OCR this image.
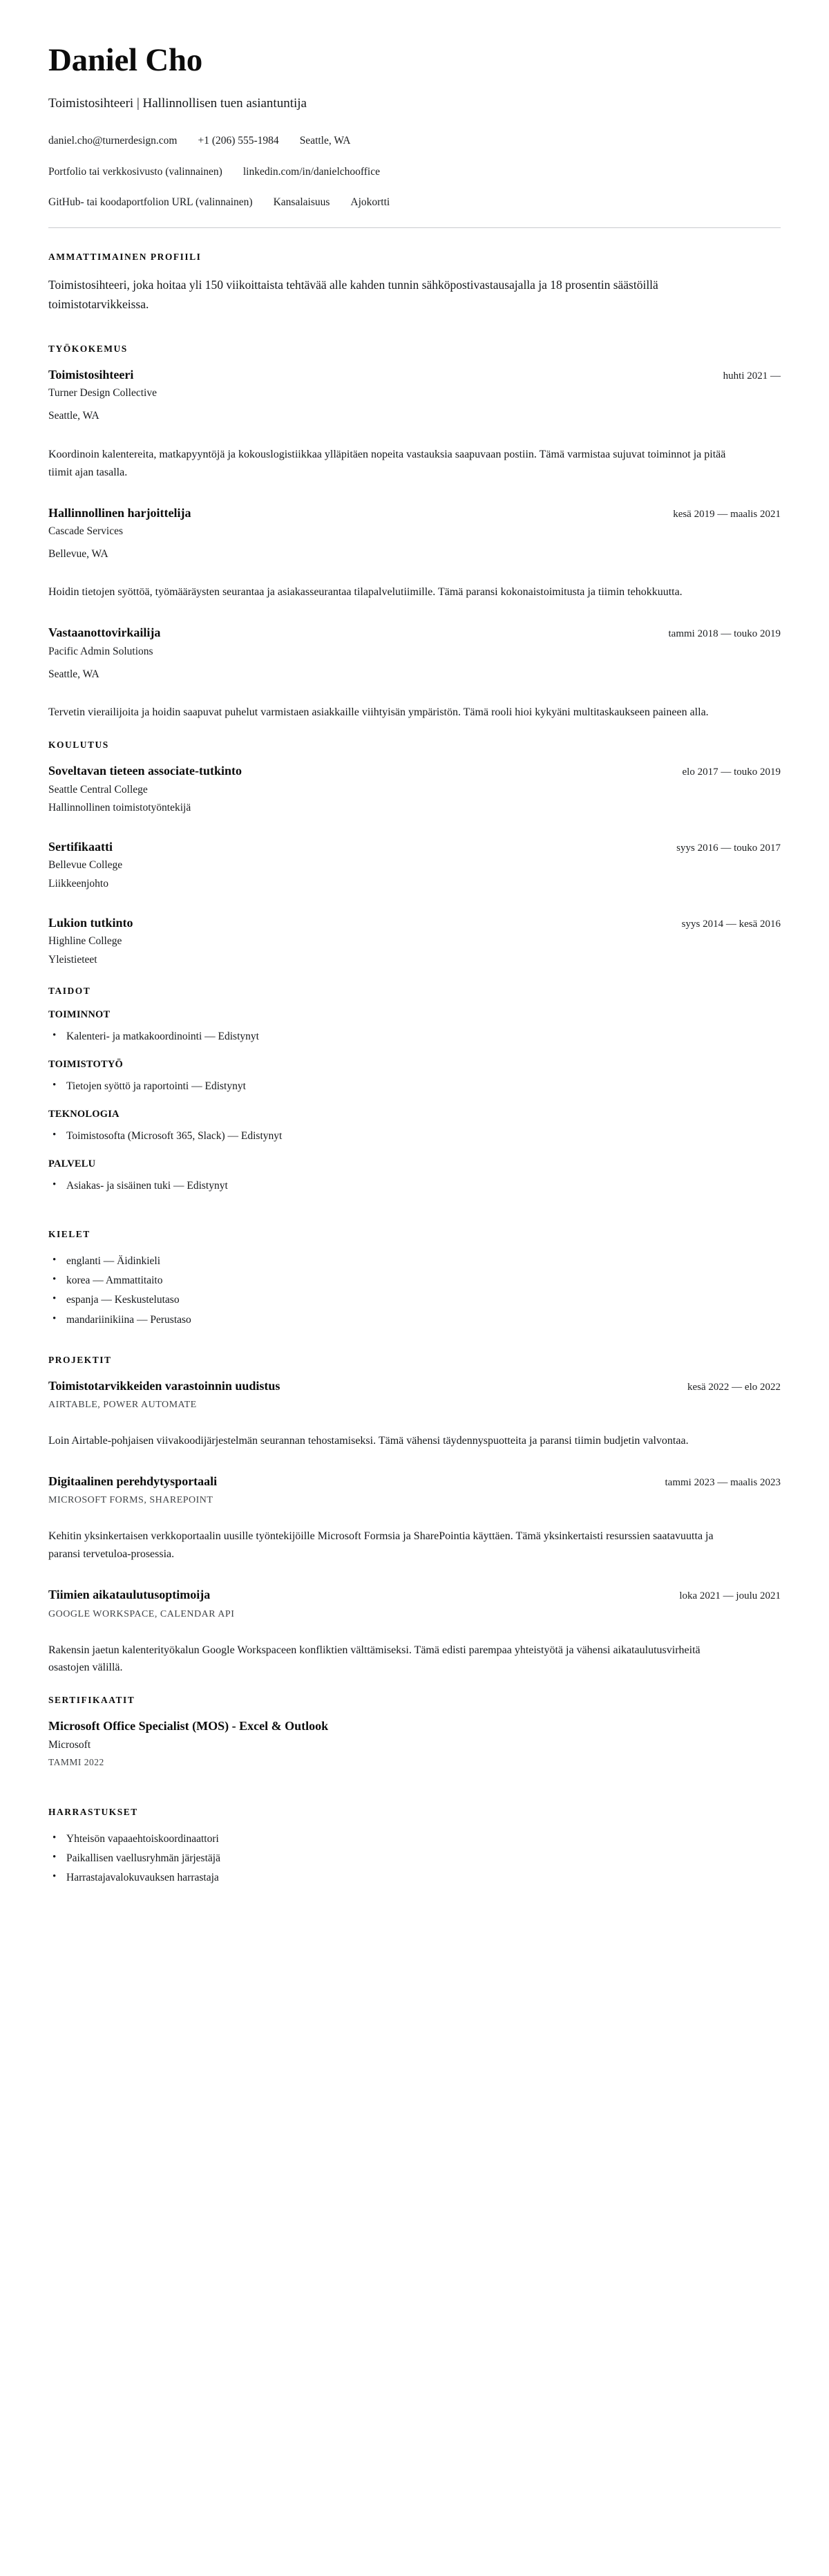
Daniel Cho
Toimistosihteeri | Hallinnollisen tuen asiantuntija
daniel.cho@turnerdesign.com +1 (206) 555-1984 Seattle, WA
Portfolio tai verkkosivusto (valinnainen) linkedin.com/in/danielchooffice
GitHub- tai koodaportfolion URL (valinnainen) Kansalaisuus Ajokortti
AMMATTIMAINEN PROFIILI

Toimistosihteeri, joka hoitaa yli 150 viikoittaista tehtävää alle kahden tunnin sähköpostivastausajalla ja 18 prosentin säästöillä toimistotarvikkeissa.

TYÖKOKEMUS
Toimistosihteeri	huhti 2021 —
Turner Design Collective
Seattle, WA
Koordinoin kalentereita, matkapyyntöjä ja kokouslogistiikkaa ylläpitäen nopeita vastauksia saapuvaan postiin. Tämä varmistaa sujuvat toiminnot ja pitää tiimit ajan tasalla.
Hallinnollinen harjoittelija	kesä 2019 — maalis 2021
Cascade Services
Bellevue, WA
Hoidin tietojen syöttöä, työmääräysten seurantaa ja asiakasseurantaa tilapalvelutiimille. Tämä paransi kokonaistoimitusta ja tiimin tehokkuutta.
Vastaanottovirkailija	tammi 2018 — touko 2019
Pacific Admin Solutions
Seattle, WA
Tervetin vierailijoita ja hoidin saapuvat puhelut varmistaen asiakkaille viihtyisän ympäristön. Tämä rooli hioi kykyäni multitaskaukseen paineen alla.
KOULUTUS
Soveltavan tieteen associate-tutkinto	elo 2017 — touko 2019
Seattle Central College
Hallinnollinen toimistotyöntekijä
Sertifikaatti	syys 2016 — touko 2017
Bellevue College
Liikkeenjohto
Lukion tutkinto	syys 2014 — kesä 2016
Highline College
Yleistieteet
TAIDOT
TOIMINNOT
• Kalenteri- ja matkakoordinointi — Edistynyt
TOIMISTOTYÖ
• Tietojen syöttö ja raportointi — Edistynyt
TEKNOLOGIA
• Toimistosofta (Microsoft 365, Slack) — Edistynyt
PALVELU
• Asiakas- ja sisäinen tuki — Edistynyt
KIELET
• englanti — Äidinkieli
• korea — Ammattitaito
• espanja — Keskustelutaso
• mandariinikiina — Perustaso
PROJEKTIT
Toimistotarvikkeiden varastoinnin uudistus	kesä 2022 — elo 2022
AIRTABLE, POWER AUTOMATE
Loin Airtable-pohjaisen viivakoodijärjestelmän seurannan tehostamiseksi. Tämä vähensi täydennyspuotteita ja paransi tiimin budjetin valvontaa.
Digitaalinen perehdytysportaali	tammi 2023 — maalis 2023
MICROSOFT FORMS, SHAREPOINT
Kehitin yksinkertaisen verkkoportaalin uusille työntekijöille Microsoft Formsia ja SharePointia käyttäen. Tämä yksinkertaisti resurssien saatavuutta ja paransi tervetuloa-prosessia.
Tiimien aikataulutusoptimoija	loka 2021 — joulu 2021
GOOGLE WORKSPACE, CALENDAR API
Rakensin jaetun kalenterityökalun Google Workspaceen konfliktien välttämiseksi. Tämä edisti parempaa yhteistyötä ja vähensi aikataulutusvirheitä osastojen välillä.
SERTIFIKAATIT
Microsoft Office Specialist (MOS) - Excel & Outlook
Microsoft
TAMMI 2022
HARRASTUKSET
• Yhteisön vapaaehtoiskoordinaattori
• Paikallisen vaellusryhmän järjestäjä
• Harrastajavalokuvauksen harrastaja
